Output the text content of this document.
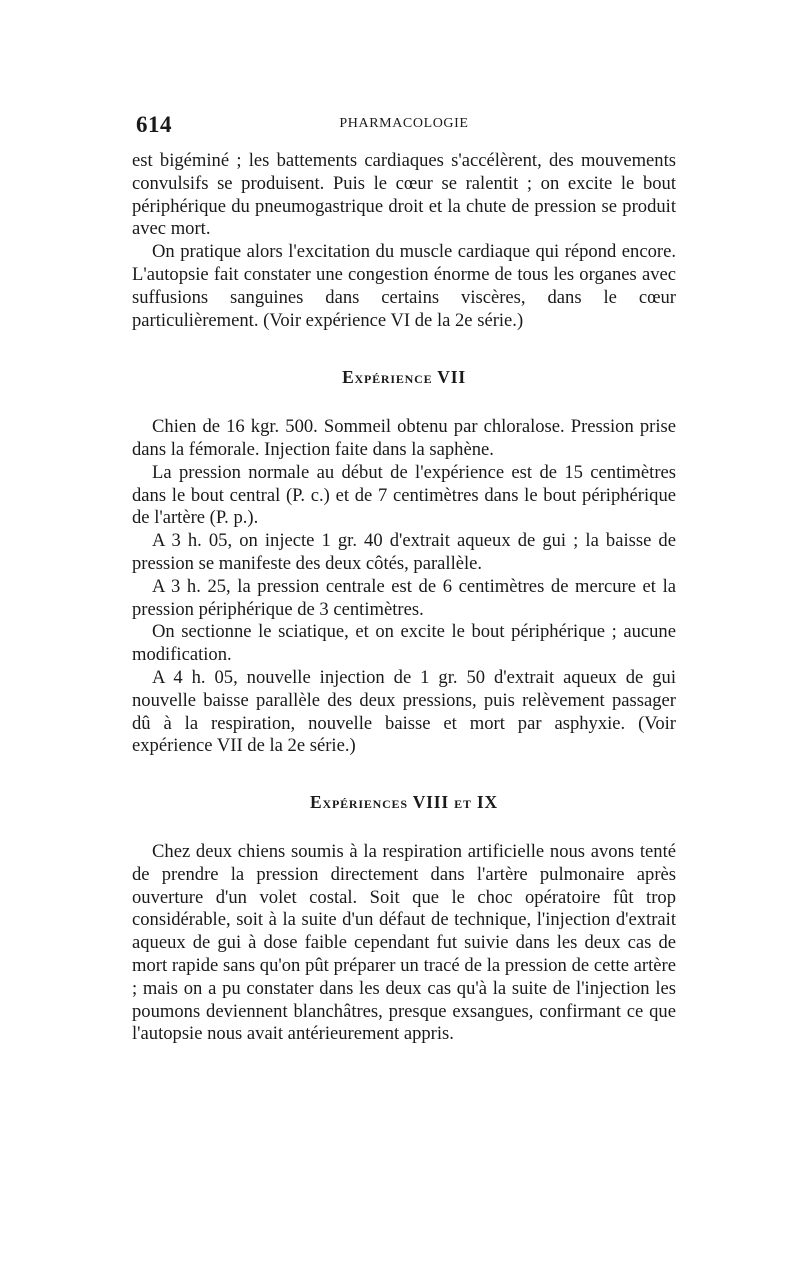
614	PHARMACOLOGIE

est bigéminé ; les battements cardiaques s'accélèrent, des mouvements convulsifs se produisent. Puis le cœur se ralentit ; on excite le bout périphérique du pneumogastrique droit et la chute de pression se produit avec mort.

On pratique alors l'excitation du muscle cardiaque qui répond encore. L'autopsie fait constater une congestion énorme de tous les organes avec suffusions sanguines dans certains viscères, dans le cœur particulièrement. (Voir expérience VI de la 2e série.)

Expérience VII

Chien de 16 kgr. 500. Sommeil obtenu par chloralose. Pression prise dans la fémorale. Injection faite dans la saphène.

La pression normale au début de l'expérience est de 15 centimètres dans le bout central (P. c.) et de 7 centimètres dans le bout périphérique de l'artère (P. p.).

A 3 h. 05, on injecte 1 gr. 40 d'extrait aqueux de gui ; la baisse de pression se manifeste des deux côtés, parallèle.

A 3 h. 25, la pression centrale est de 6 centimètres de mercure et la pression périphérique de 3 centimètres.

On sectionne le sciatique, et on excite le bout périphérique ; aucune modification.

A 4 h. 05, nouvelle injection de 1 gr. 50 d'extrait aqueux de gui nouvelle baisse parallèle des deux pressions, puis relèvement passager dû à la respiration, nouvelle baisse et mort par asphyxie. (Voir expérience VII de la 2e série.)

Expériences VIII et IX

Chez deux chiens soumis à la respiration artificielle nous avons tenté de prendre la pression directement dans l'artère pulmonaire après ouverture d'un volet costal. Soit que le choc opératoire fût trop considérable, soit à la suite d'un défaut de technique, l'injection d'extrait aqueux de gui à dose faible cependant fut suivie dans les deux cas de mort rapide sans qu'on pût préparer un tracé de la pression de cette artère ; mais on a pu constater dans les deux cas qu'à la suite de l'injection les poumons deviennent blanchâtres, presque exsangues, confirmant ce que l'autopsie nous avait antérieurement appris.
